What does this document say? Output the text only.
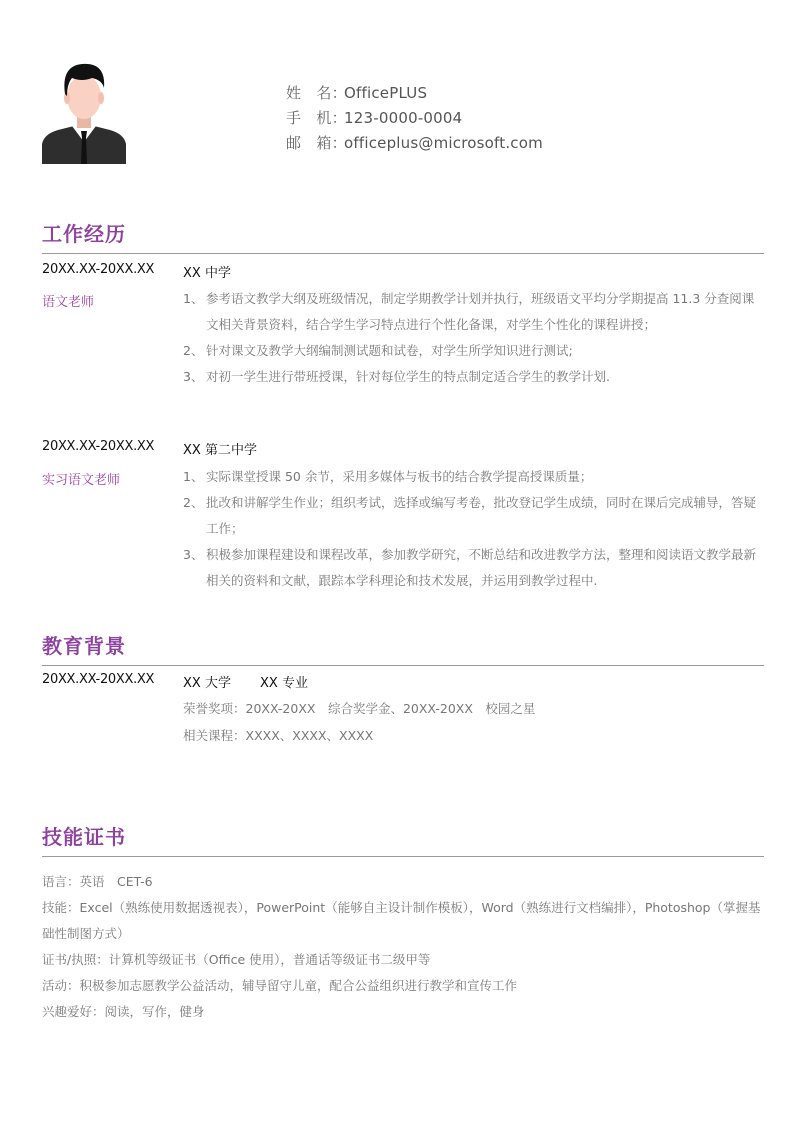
姓　名：OfficePLUS
手　机：123-0000-0004
邮　箱：officeplus@microsoft.com
工作经历
20XX.XX-20XX.XX XX 中学
语文老师	1、 参考语文教学大纲及班级情况，制定学期教学计划并执行，班级语文平均分学期提高 11.3 分查阅课文相关背景资料，结合学生学习特点进行个性化备课，对学生个性化的课程讲授；
2、 针对课文及教学大纲编制测试题和试卷，对学生所学知识进行测试;
3、 对初一学生进行带班授课，针对每位学生的特点制定适合学生的教学计划.
20XX.XX-20XX.XX XX 第二中学
实习语文老师	1、 实际课堂授课 50 余节，采用多媒体与板书的结合教学提高授课质量；
2、 批改和讲解学生作业；组织考试，选择或编写考卷，批改登记学生成绩，同时在课后完成辅导，答疑工作；
3、 积极参加课程建设和课程改革，参加教学研究，不断总结和改进教学方法，整理和阅读语文教学最新相关的资料和文献，跟踪本学科理论和技术发展，并运用到教学过程中.
教育背景
20XX.XX-20XX.XX XX 大学 XX 专业
荣誉奖项：20XX-20XX　综合奖学金、20XX-20XX　校园之星
相关课程：XXXX、XXXX、XXXX
技能证书

语言：英语　CET-6

技能：Excel（熟练使用数据透视表），PowerPoint（能够自主设计制作模板），Word（熟练进行文档编排），Photoshop（掌握基础性制图方式）

证书/执照：计算机等级证书（Office 使用），普通话等级证书二级甲等

活动：积极参加志愿教学公益活动，辅导留守儿童，配合公益组织进行教学和宣传工作

兴趣爱好：阅读，写作，健身
